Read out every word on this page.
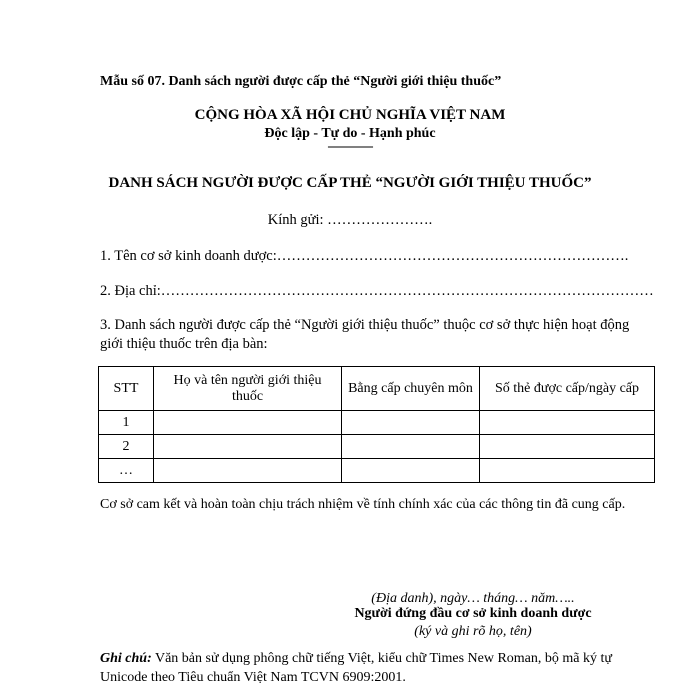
Mẫu số 07. Danh sách người được cấp thẻ “Người giới thiệu thuốc”
CỘNG HÒA XÃ HỘI CHỦ NGHĨA VIỆT NAM
Độc lập - Tự do - Hạnh phúc
---------------
DANH SÁCH NGƯỜI ĐƯỢC CẤP THẺ “NGƯỜI GIỚI THIỆU THUỐC”
Kính gửi: ………………….
1. Tên cơ sở kinh doanh dược:……………………………………………………………….
2. Địa chỉ:…………………………………………………………………………………………
3. Danh sách người được cấp thẻ “Người giới thiệu thuốc” thuộc cơ sở thực hiện hoạt động giới thiệu thuốc trên địa bàn:
STT	Họ và tên người giới thiệu thuốc	Bằng cấp chuyên môn	Số thẻ được cấp/ngày cấp
1			
2			
…			
Cơ sở cam kết và hoàn toàn chịu trách nhiệm về tính chính xác của các thông tin đã cung cấp.
(Địa danh), ngày… tháng… năm…..
Người đứng đầu cơ sở kinh doanh dược
(ký và ghi rõ họ, tên)
Ghi chú: Văn bản sử dụng phông chữ tiếng Việt, kiểu chữ Times New Roman, bộ mã ký tự Unicode theo Tiêu chuẩn Việt Nam TCVN 6909:2001.
